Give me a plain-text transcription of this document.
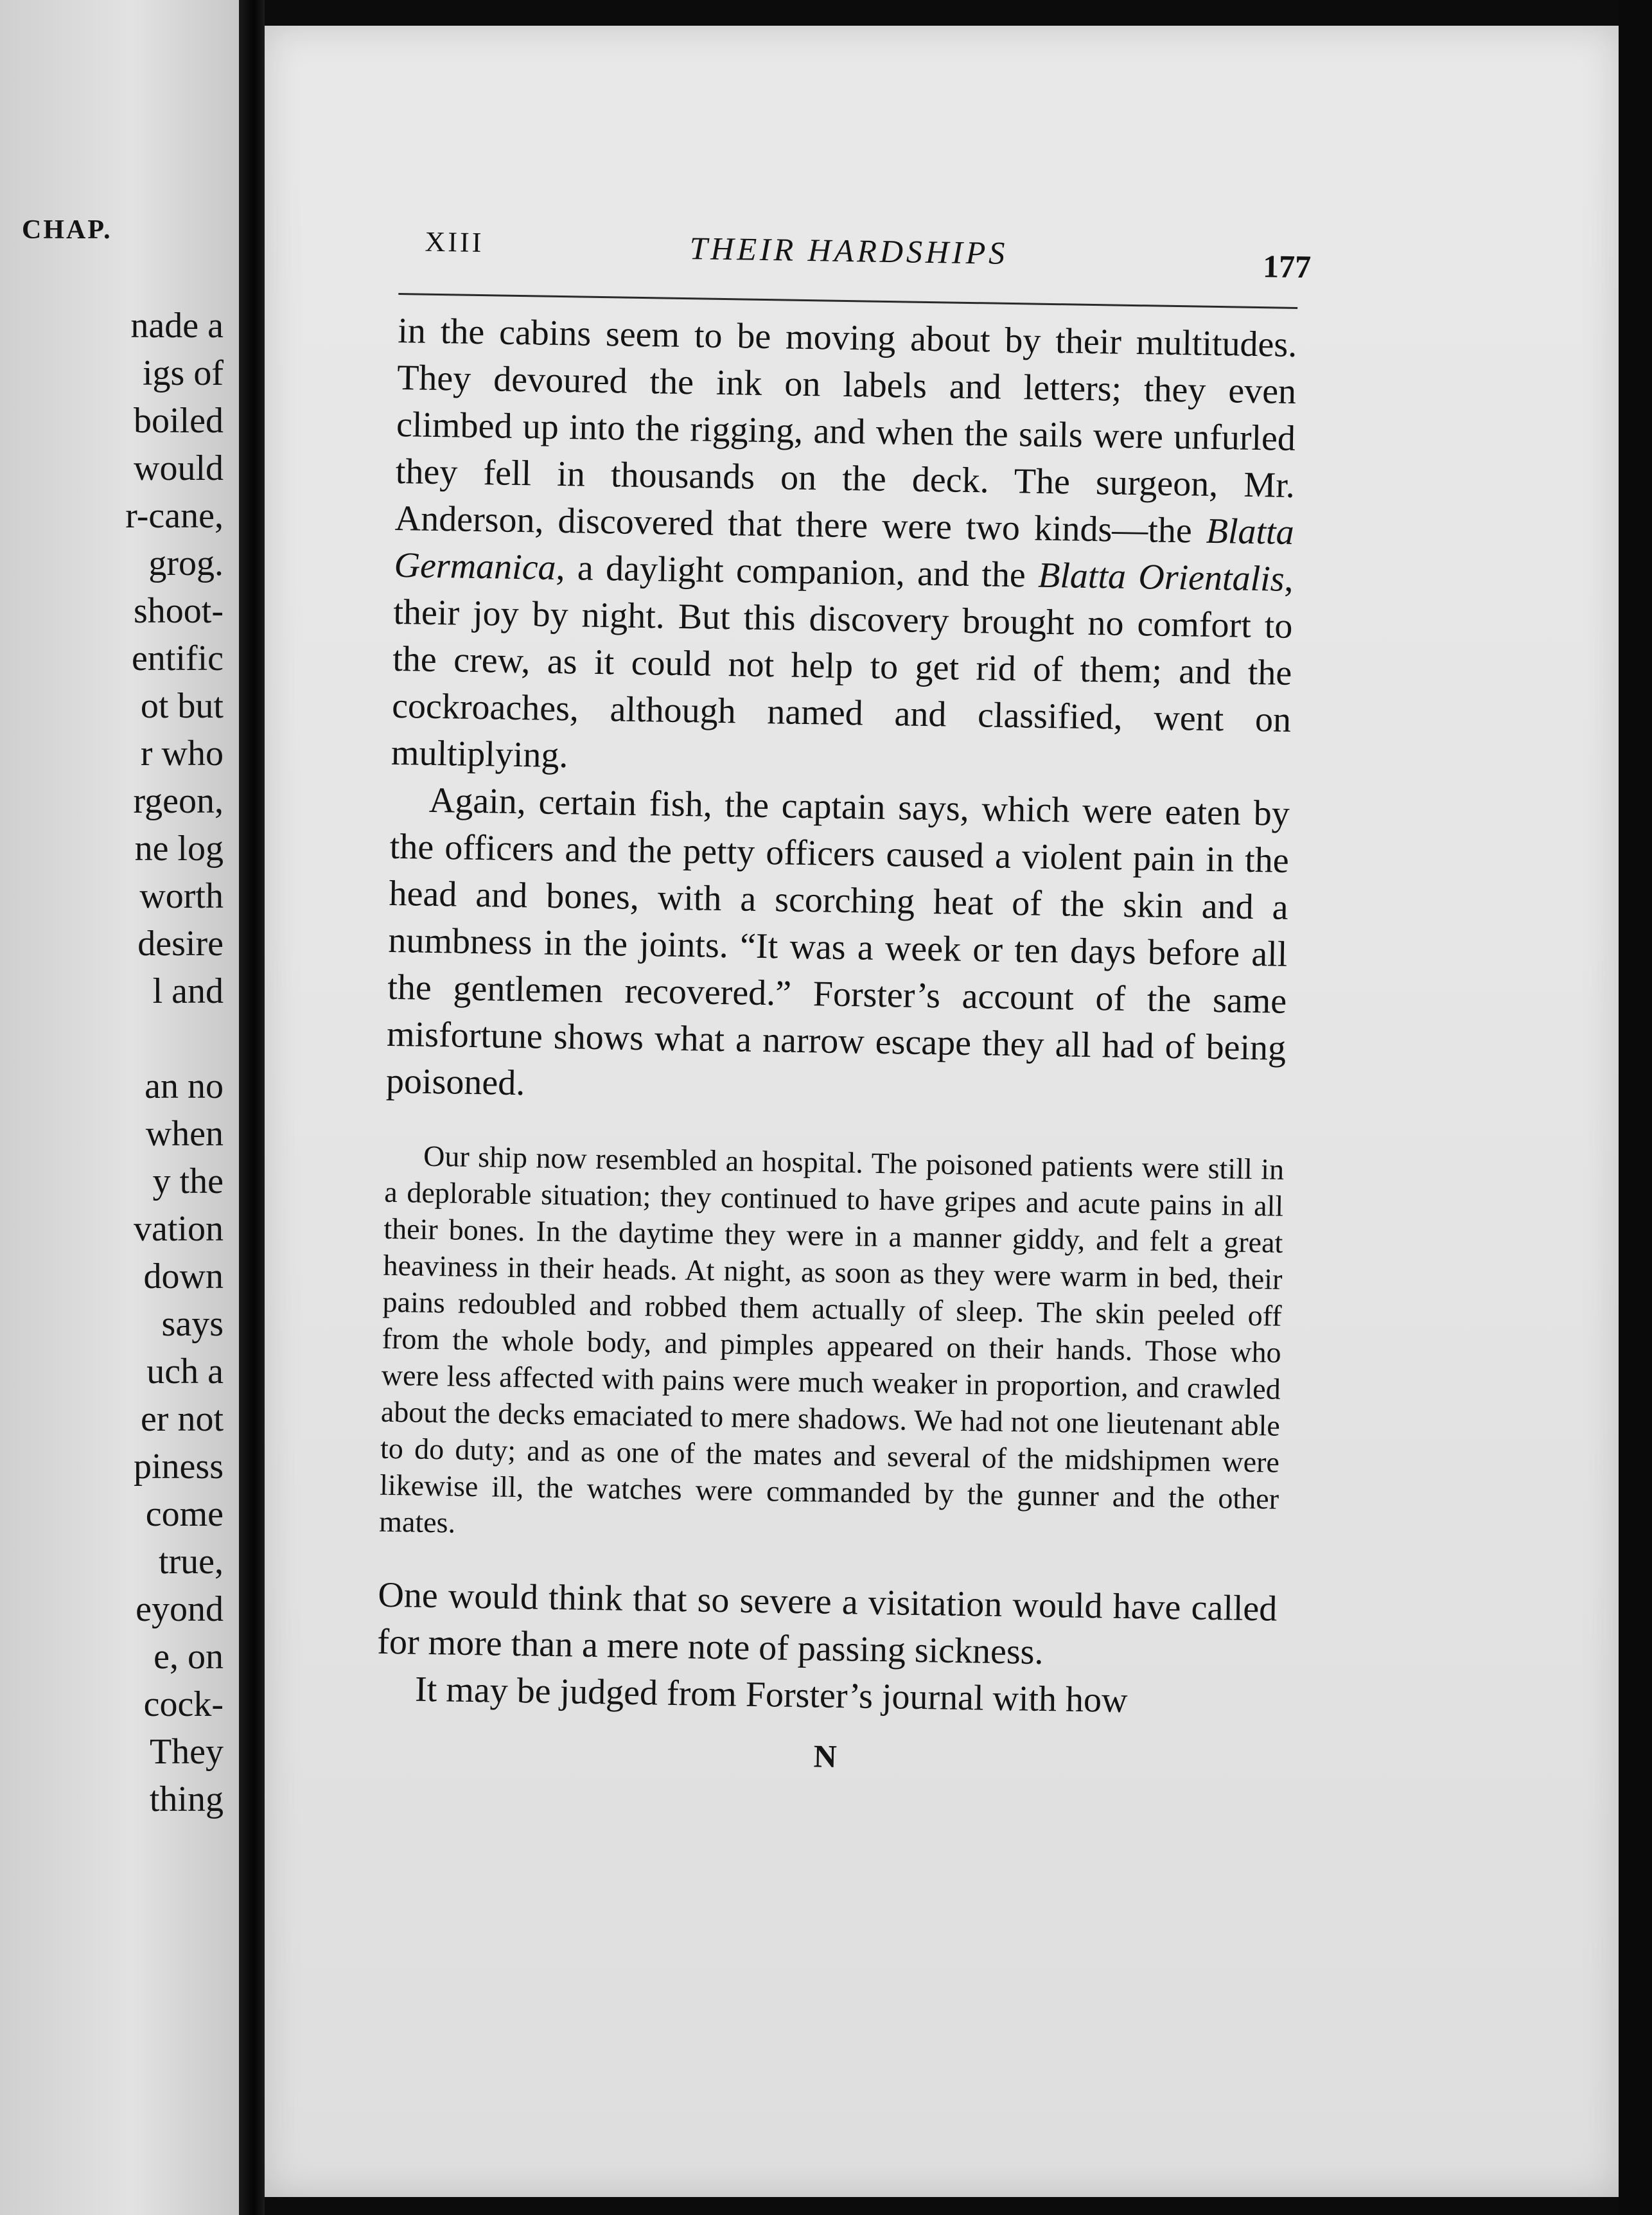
CHAP.
nade a
igs of
boiled
would
r-cane,
grog.
shoot-
entific
ot but
r who
rgeon,
ne log
worth
desire
l and
an no
when
y the
vation
down
says
uch a
er not
piness
come
true,
eyond
e, on
cock-
They
thing
XIII	THEIR HARDSHIPS	177

in the cabins seem to be moving about by their multitudes. They devoured the ink on labels and letters; they even climbed up into the rigging, and when the sails were unfurled they fell in thousands on the deck. The surgeon, Mr. Anderson, discovered that there were two kinds—the Blatta Germanica, a daylight companion, and the Blatta Orientalis, their joy by night. But this discovery brought no comfort to the crew, as it could not help to get rid of them; and the cockroaches, although named and classified, went on multiplying.

Again, certain fish, the captain says, which were eaten by the officers and the petty officers caused a violent pain in the head and bones, with a scorching heat of the skin and a numbness in the joints. “It was a week or ten days before all the gentlemen recovered.” Forster’s account of the same misfortune shows what a narrow escape they all had of being poisoned.

Our ship now resembled an hospital. The poisoned patients were still in a deplorable situation; they continued to have gripes and acute pains in all their bones. In the daytime they were in a manner giddy, and felt a great heaviness in their heads. At night, as soon as they were warm in bed, their pains redoubled and robbed them actually of sleep. The skin peeled off from the whole body, and pimples appeared on their hands. Those who were less affected with pains were much weaker in proportion, and crawled about the decks emaciated to mere shadows. We had not one lieutenant able to do duty; and as one of the mates and several of the midshipmen were likewise ill, the watches were commanded by the gunner and the other mates.

One would think that so severe a visitation would have called for more than a mere note of passing sickness.

It may be judged from Forster’s journal with how

N
